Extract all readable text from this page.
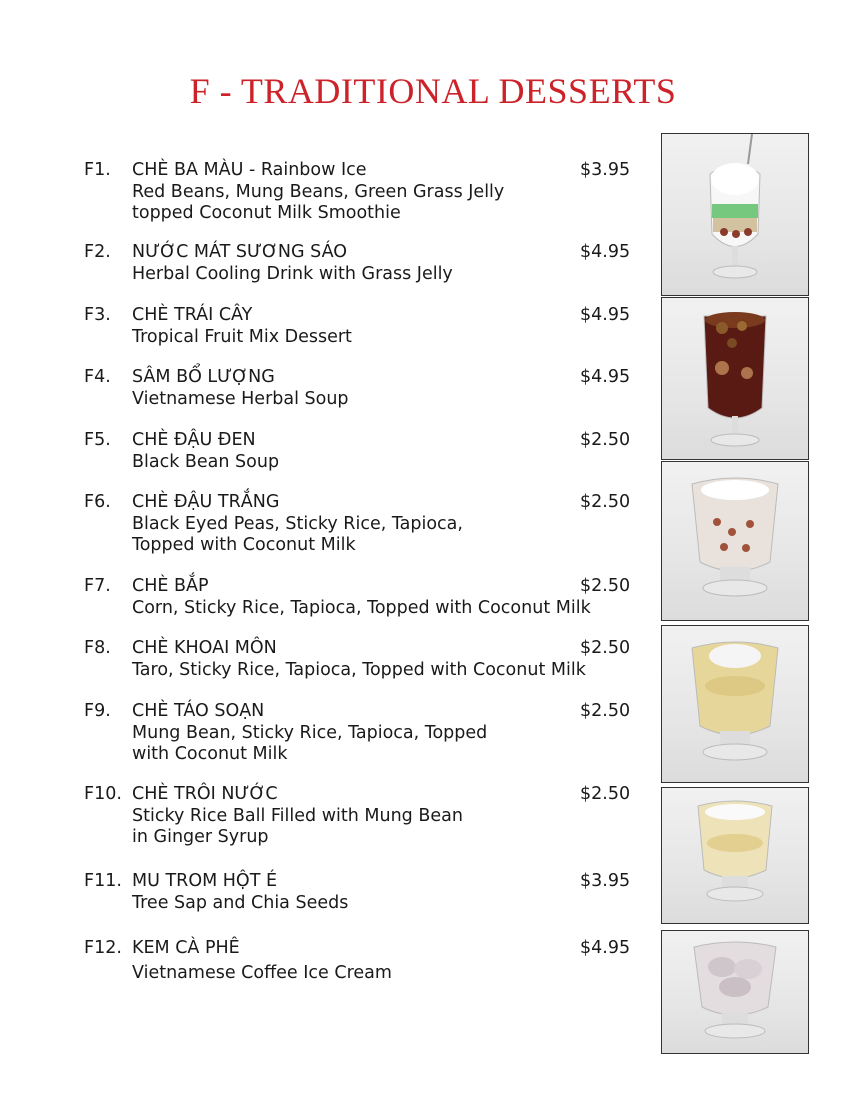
F - TRADITIONAL DESSERTS
F1.	CHÈ BA MÀU - Rainbow Ice	$3.95
Red Beans, Mung Beans, Green Grass Jelly
topped Coconut Milk Smoothie
F2.	NƯỚC MÁT SƯƠNG SÁO	$4.95
Herbal Cooling Drink with Grass Jelly
F3.	CHÈ TRÁI CÂY	$4.95
Tropical Fruit Mix Dessert
F4.	SÂM BỔ LƯỢNG	$4.95
Vietnamese Herbal Soup
F5.	CHÈ ĐẬU ĐEN	$2.50
Black Bean Soup
F6.	CHÈ ĐẬU TRẮNG	$2.50
Black Eyed Peas, Sticky Rice, Tapioca,
Topped with Coconut Milk
F7.	CHÈ BẮP	$2.50
Corn, Sticky Rice, Tapioca, Topped with Coconut Milk
F8.	CHÈ KHOAI MÔN	$2.50
Taro, Sticky Rice, Tapioca, Topped with Coconut Milk
F9.	CHÈ TÁO SOẠN	$2.50
Mung Bean, Sticky Rice, Tapioca, Topped
with Coconut Milk
F10. CHÈ TRÔI NƯỚC	$2.50
Sticky Rice Ball Filled with Mung Bean
in Ginger Syrup
F11. MU TROM HỘT É	$3.95
Tree Sap and Chia Seeds
F12. KEM CÀ PHÊ	$4.95
Vietnamese Coffee Ice Cream
